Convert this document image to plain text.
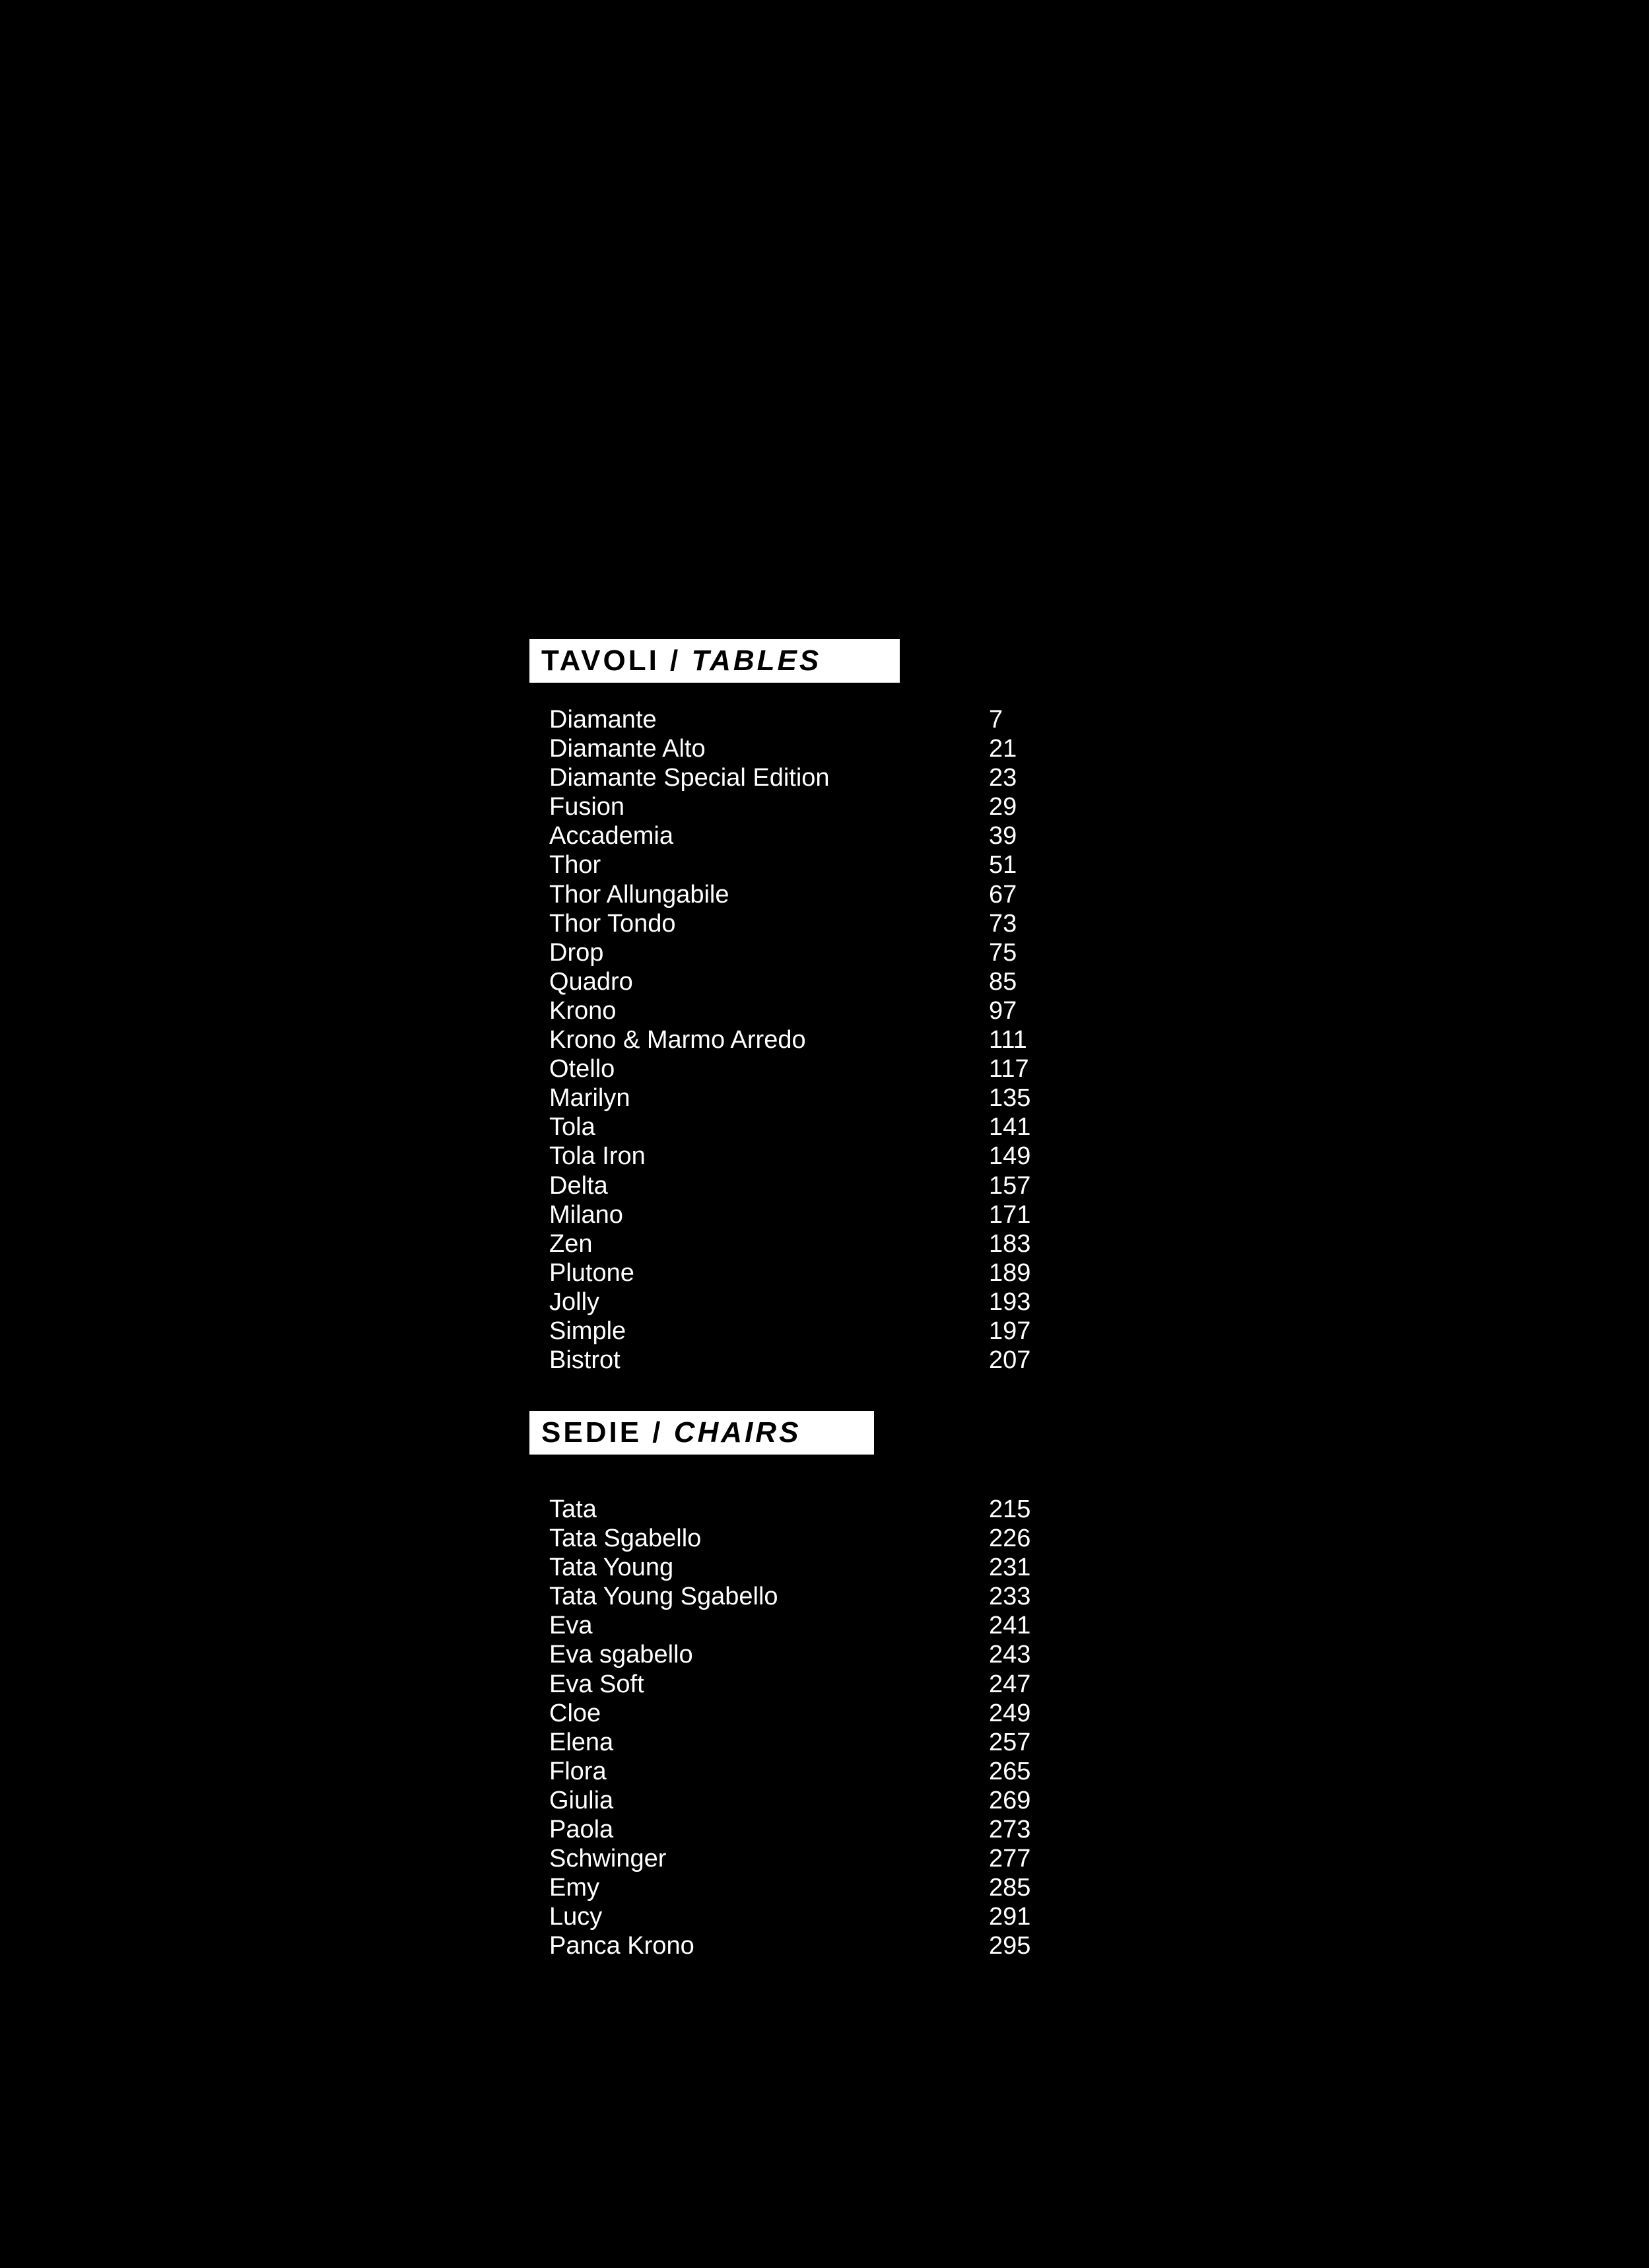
TAVOLI
/
TABLES
Diamante	7
Diamante Alto	21
Diamante Special Edition	23
Fusion	29
Accademia	39
Thor	51
Thor Allungabile	67
Thor Tondo	73
Drop	75
Quadro	85
Krono	97
Krono & Marmo Arredo	111
Otello	117
Marilyn	135
Tola	141
Tola Iron	149
Delta	157
Milano	171
Zen	183
Plutone	189
Jolly	193
Simple	197
Bistrot	207
SEDIE
/
CHAIRS
Tata	215
Tata Sgabello	226
Tata Young	231
Tata Young Sgabello	233
Eva	241
Eva sgabello	243
Eva Soft	247
Cloe	249
Elena	257
Flora	265
Giulia	269
Paola	273
Schwinger	277
Emy	285
Lucy	291
Panca Krono	295
